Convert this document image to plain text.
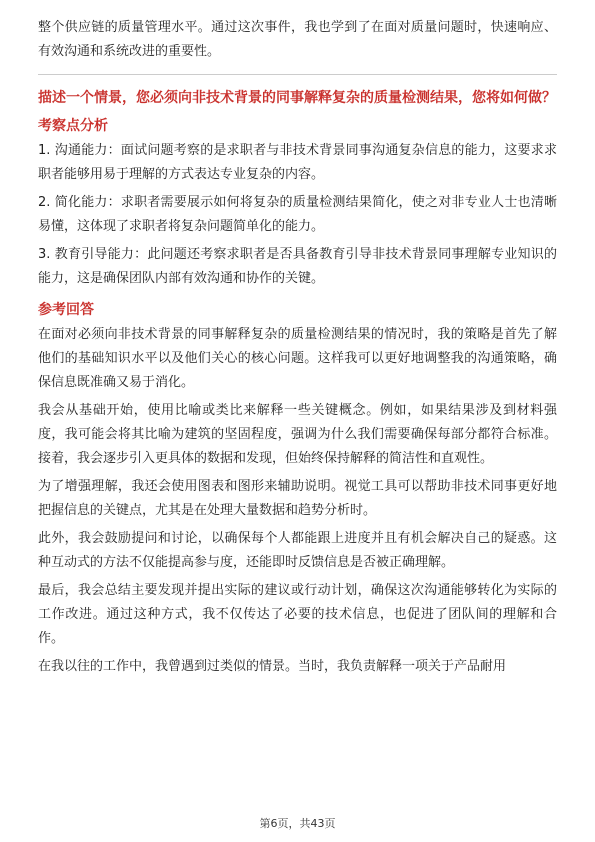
整个供应链的质量管理水平。通过这次事件，我也学到了在面对质量问题时，快速响应、有效沟通和系统改进的重要性。

描述一个情景，您必须向非技术背景的同事解释复杂的质量检测结果，您将如何做？

考察点分析

1. 沟通能力：面试问题考察的是求职者与非技术背景同事沟通复杂信息的能力，这要求求职者能够用易于理解的方式表达专业复杂的内容。

2. 简化能力：求职者需要展示如何将复杂的质量检测结果简化，使之对非专业人士也清晰易懂，这体现了求职者将复杂问题简单化的能力。

3. 教育引导能力：此问题还考察求职者是否具备教育引导非技术背景同事理解专业知识的能力，这是确保团队内部有效沟通和协作的关键。

参考回答

在面对必须向非技术背景的同事解释复杂的质量检测结果的情况时，我的策略是首先了解他们的基础知识水平以及他们关心的核心问题。这样我可以更好地调整我的沟通策略，确保信息既准确又易于消化。

我会从基础开始，使用比喻或类比来解释一些关键概念。例如，如果结果涉及到材料强度，我可能会将其比喻为建筑的坚固程度，强调为什么我们需要确保每部分都符合标准。接着，我会逐步引入更具体的数据和发现，但始终保持解释的简洁性和直观性。

为了增强理解，我还会使用图表和图形来辅助说明。视觉工具可以帮助非技术同事更好地把握信息的关键点，尤其是在处理大量数据和趋势分析时。

此外，我会鼓励提问和讨论，以确保每个人都能跟上进度并且有机会解决自己的疑惑。这种互动式的方法不仅能提高参与度，还能即时反馈信息是否被正确理解。

最后，我会总结主要发现并提出实际的建议或行动计划，确保这次沟通能够转化为实际的工作改进。通过这种方式，我不仅传达了必要的技术信息，也促进了团队间的理解和合作。

在我以往的工作中，我曾遇到过类似的情景。当时，我负责解释一项关于产品耐用

第6页，共43页
